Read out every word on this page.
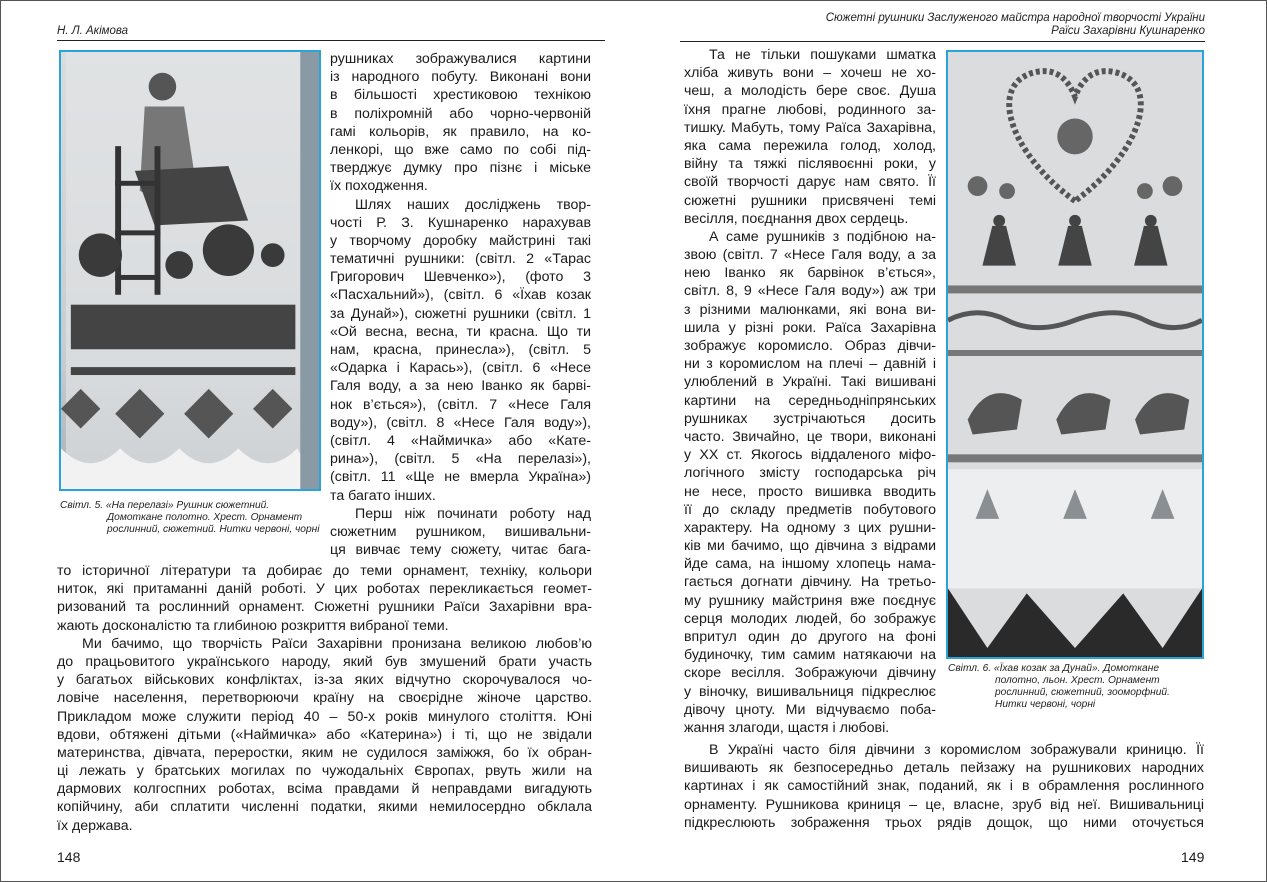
Н. Л. Акімова
Світл. 5. «На перелазі» Рушник сюжетний.
Домоткане полотно. Хрест. Орнамент
рослинний, сюжетний. Нитки червоні, чорні
рушниках зображувалися картини
із народного побуту. Виконані вони
в більшості хрестиковою технікою
в поліхромній або чорно-червоній
гамі кольорів, як правило, на ко-
ленкорі, що вже само по собі під-
тверджує думку про пізнє і міське
їх походження.
Шлях наших досліджень твор-
чості Р. З. Кушнаренко нарахував
у творчому доробку майстрині такі
тематичні рушники: (світл. 2 «Тарас
Григорович Шевченко»), (фото 3
«Пасхальний»), (світл. 6 «Їхав козак
за Дунай»), сюжетні рушники (світл. 1
«Ой весна, весна, ти красна. Що ти
нам, красна, принесла»), (світл. 5
«Одарка і Карась»), (світл. 6 «Несе
Галя воду, а за нею Іванко як барві-
нок в’ється»), (світл. 7 «Несе Галя
воду»), (світл. 8 «Несе Галя воду»),
(світл. 4 «Наймичка» або «Кате-
рина»), (світл. 5 «На перелазі»),
(світл. 11 «Ще не вмерла Україна»)
та багато інших.
Перш ніж починати роботу над
сюжетним рушником, вишивальни-
ця вивчає тему сюжету, читає бага-
то історичної літератури та добирає до теми орнамент, техніку, кольори
ниток, які притаманні даній роботі. У цих роботах перекликається геомет-
ризований та рослинний орнамент. Сюжетні рушники Раїси Захарівни вра-
жають досконалістю та глибиною розкриття вибраної теми.
Ми бачимо, що творчість Раїси Захарівни пронизана великою любов’ю
до працьовитого українського народу, який був змушений брати участь
у багатьох військових конфліктах, із-за яких відчутно скорочувалося чо-
ловіче населення, перетворюючи країну на своєрідне жіноче царство.
Прикладом може служити період 40 – 50-х років минулого століття. Юні
вдови, обтяжені дітьми («Наймичка» або «Катерина») і ті, що не звідали
материнства, дівчата, переростки, яким не судилося заміжжя, бо їх обран-
ці лежать у братських могилах по чужодальніх Європах, рвуть жили на
дармових колгоспних роботах, всіма правдами й неправдами вигадують
копійчину, аби сплатити численні податки, якими немилосердно обклала
їх держава.
148
Сюжетні рушники Заслуженого майстра народної творчості України
Раїси Захарівни Кушнаренко
Та не тільки пошуками шматка
хліба живуть вони – хочеш не хо-
чеш, а молодість бере своє. Душа
їхня прагне любові, родинного за-
тишку. Мабуть, тому Раїса Захарівна,
яка сама пережила голод, холод,
війну та тяжкі післявоєнні роки, у
своїй творчості дарує нам свято. Її
сюжетні рушники присвячені темі
весілля, поєднання двох сердець.
А саме рушників з подібною на-
звою (світл. 7 «Несе Галя воду, а за
нею Іванко як барвінок в’ється»,
світл. 8, 9 «Несе Галя воду») аж три
з різними малюнками, які вона ви-
шила у різні роки. Раїса Захарівна
зображує коромисло. Образ дівчи-
ни з коромислом на плечі – давній і
улюблений в Україні. Такі вишивані
картини на середньодніпрянських
рушниках зустрічаються досить
часто. Звичайно, це твори, виконані
у ХХ ст. Якогось віддаленого міфо-
логічного змісту господарська річ
не несе, просто вишивка вводить
її до складу предметів побутового
характеру. На одному з цих рушни-
ків ми бачимо, що дівчина з відрами
йде сама, на іншому хлопець нама-
гається догнати дівчину. На третьо-
му рушнику майстриня вже поєднує
серця молодих людей, бо зображує
впритул один до другого на фоні
будиночку, тим самим натякаючи на
скоре весілля. Зображуючи дівчину
у віночку, вишивальниця підкреслює
дівочу цноту. Ми відчуваємо поба-
жання злагоди, щастя і любові.
Світл. 6. «Їхав козак за Дунай». Домоткане
полотно, льон. Хрест. Орнамент
рослинний, сюжетний, зооморфний.
Нитки червоні, чорні
В Україні часто біля дівчини з коромислом зображували криницю. Її
вишивають як безпосередньо деталь пейзажу на рушникових народних
картинах і як самостійний знак, поданий, як і в обрамлення рослинного
орнаменту. Рушникова криниця – це, власне, зруб від неї. Вишивальниці
підкреслюють зображення трьох рядів дощок, що ними оточується
149
